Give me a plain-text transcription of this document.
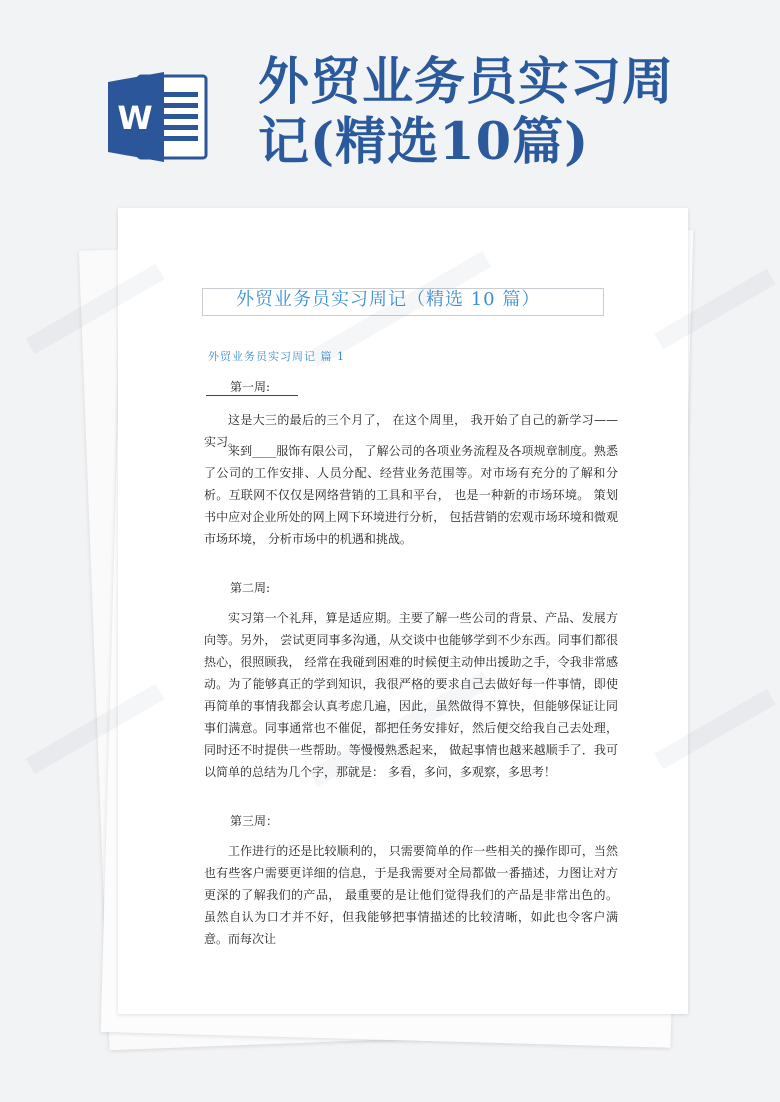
W
外贸业务员实习周
记(精选10篇)
外贸业务员实习周记（精选 10 篇）
外贸业务员实习周记 篇 1
第一周:

这是大三的最后的三个月了， 在这个周里， 我开始了自己的新学习——实习。

来到____服饰有限公司， 了解公司的各项业务流程及各项规章制度。熟悉了公司的工作安排、人员分配、经营业务范围等。对市场有充分的了解和分析。互联网不仅仅是网络营销的工具和平台， 也是一种新的市场环境。 策划书中应对企业所处的网上网下环境进行分析， 包括营销的宏观市场环境和微观市场环境， 分析市场中的机遇和挑战。

第二周:

实习第一个礼拜，算是适应期。主要了解一些公司的背景、产品、发展方向等。另外， 尝试更同事多沟通，从交谈中也能够学到不少东西。同事们都很热心，很照顾我， 经常在我碰到困难的时候便主动伸出援助之手，令我非常感动。为了能够真正的学到知识，我很严格的要求自己去做好每一件事情，即使再简单的事情我都会认真考虑几遍，因此，虽然做得不算快，但能够保证让同事们满意。同事通常也不催促，都把任务安排好，然后便交给我自己去处理，同时还不时提供一些帮助。等慢慢熟悉起来， 做起事情也越来越顺手了．我可以简单的总结为几个字，那就是： 多看，多问，多观察，多思考！

第三周：

工作进行的还是比较顺利的， 只需要简单的作一些相关的操作即可，当然也有些客户需要更详细的信息，于是我需要对全局都做一番描述，力图让对方更深的了解我们的产品， 最重要的是让他们觉得我们的产品是非常出色的。 虽然自认为口才并不好，但我能够把事情描述的比较清晰，如此也令客户满意。而每次让
